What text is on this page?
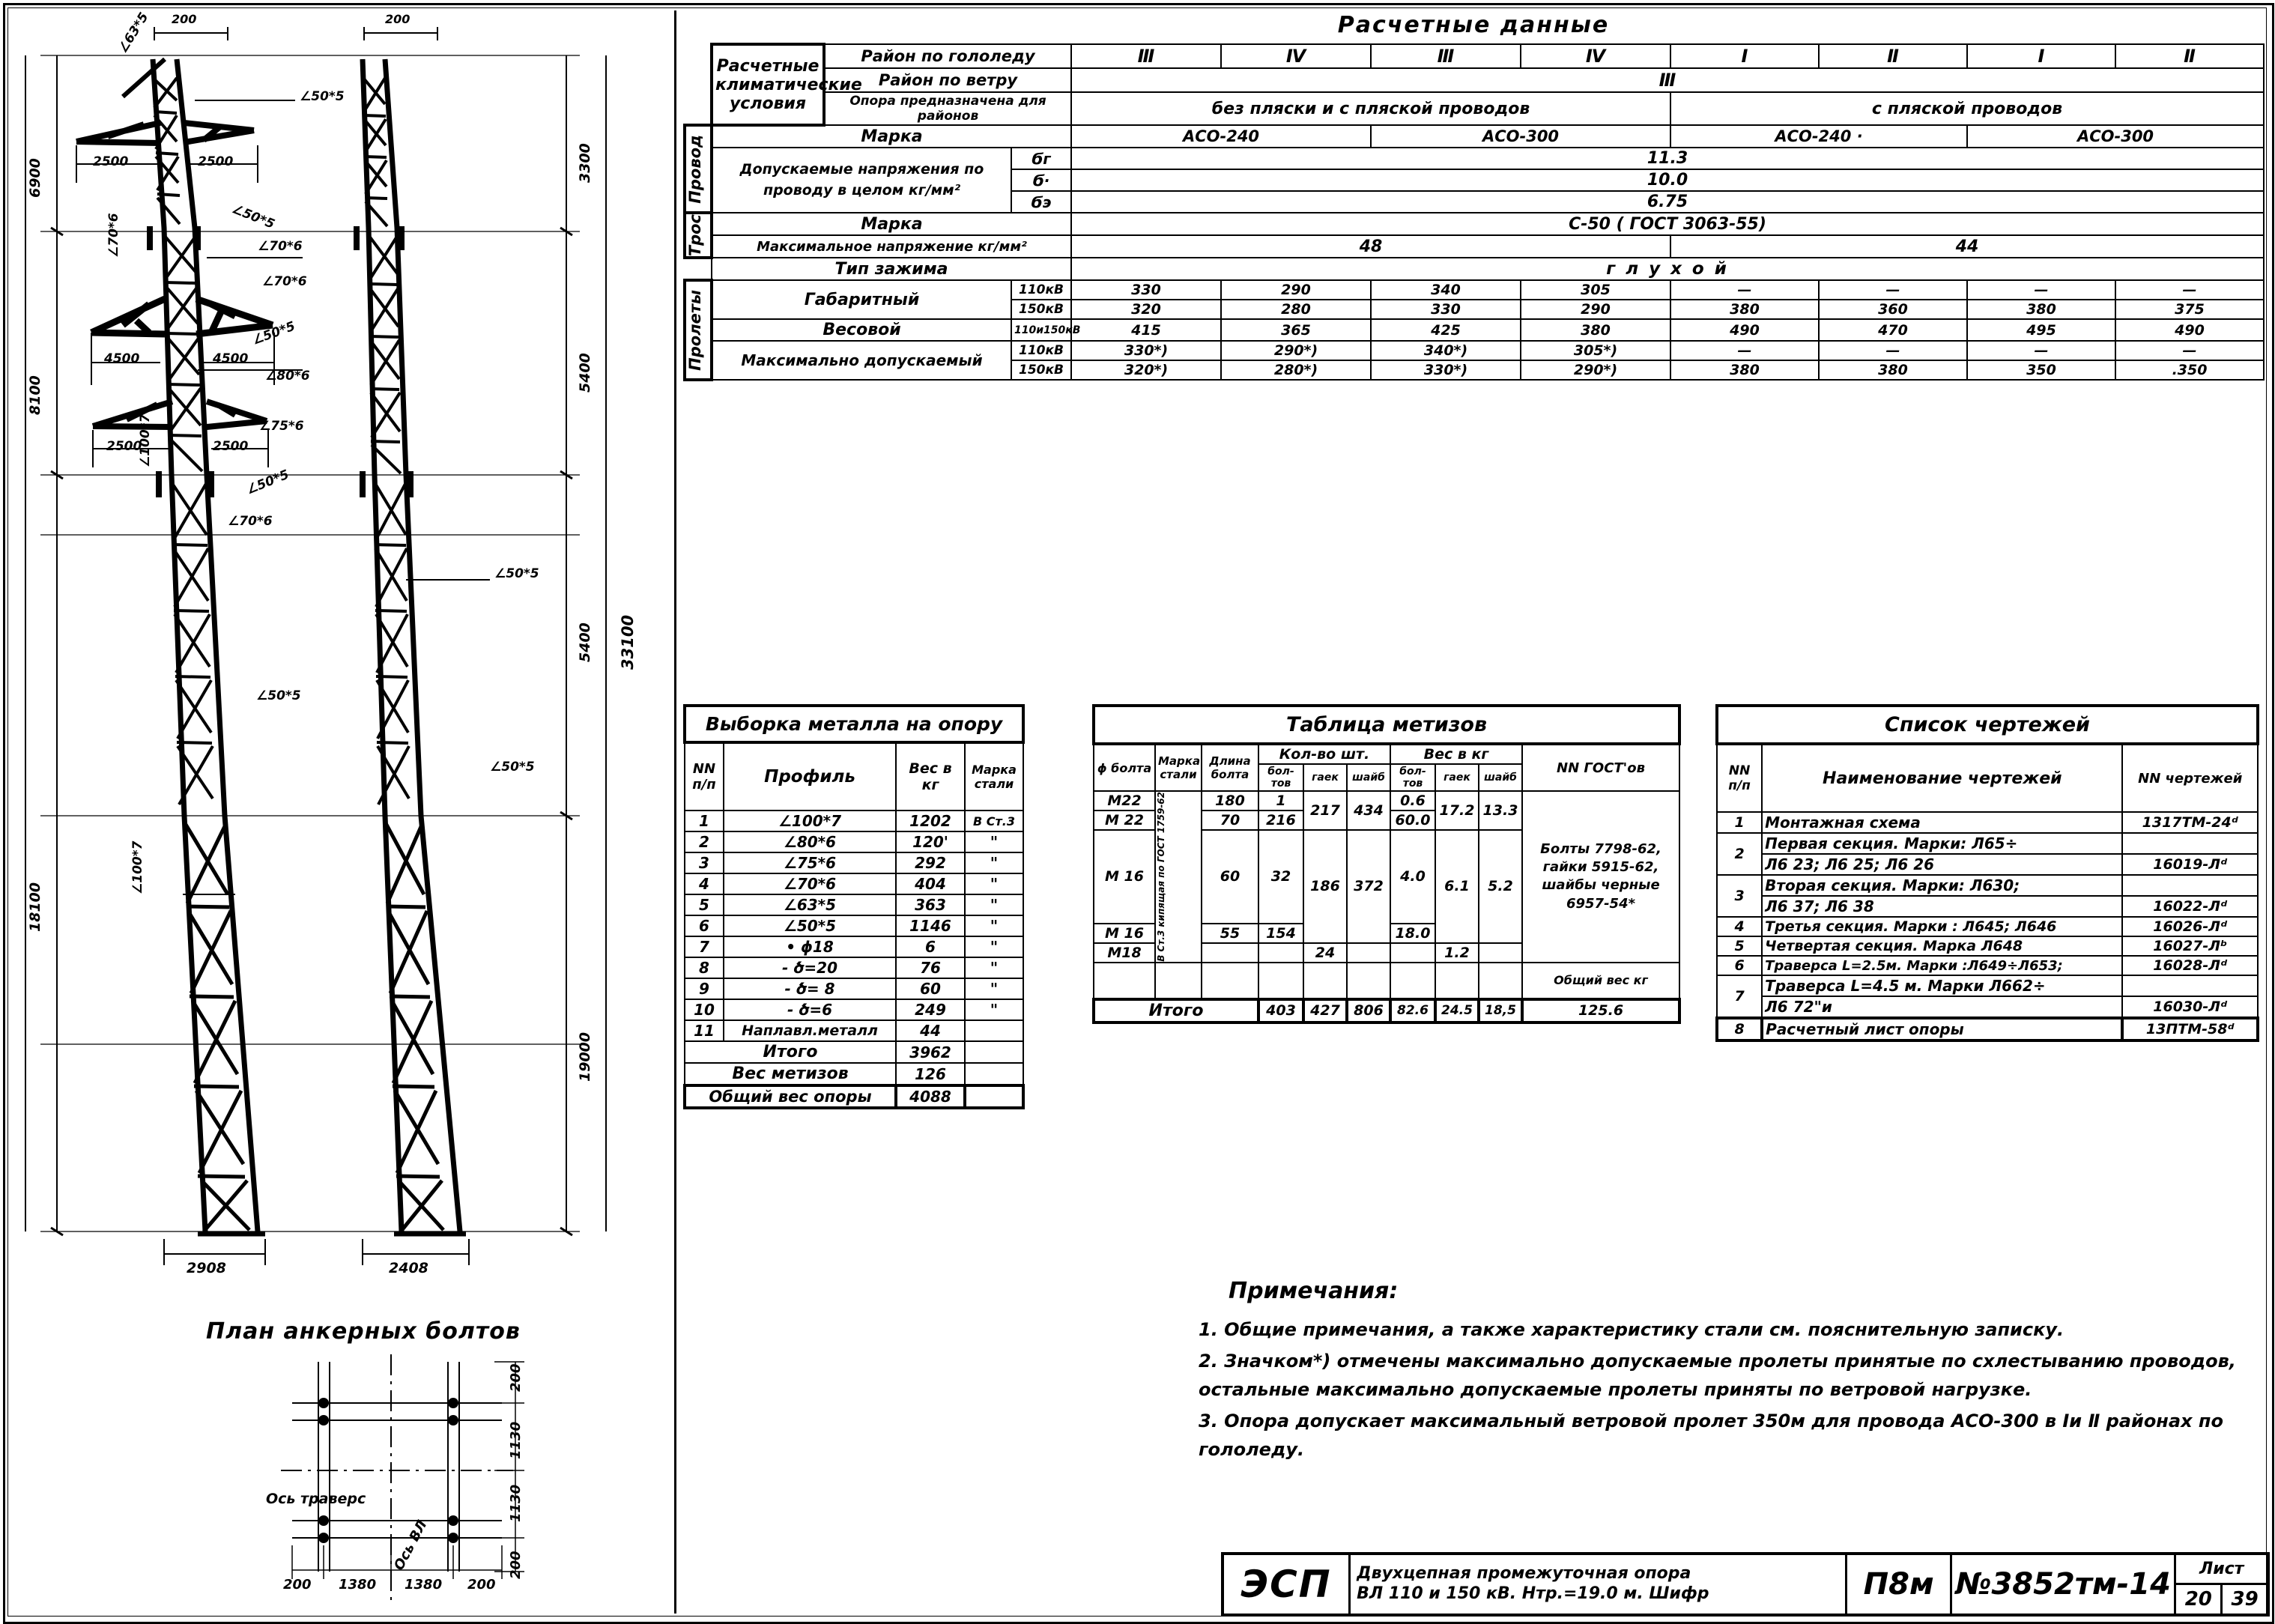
200	200
∠63*5
∠50*5
∠50*5
∠70*6
2500	2500
∠70*6
∠70*6
∠50*5
∠80*6
4500	4500
∠100*7	∠75*6
∠50*5
∠70*6
2500	2500
∠100*7
∠50*5
∠50*5
∠50*5
6900
8100
18100
3300
5400
5400
19000
33100
2908	2408
План анкерных болтов
Ось траверс
Ось ВЛ
200 1380 1380 200
200
1130
1130
200
Расчетные данные
	Расчетные климатические условия	Район по гололеду		Ⅲ	Ⅳ	Ⅲ	Ⅳ	Ⅰ	Ⅱ	Ⅰ	Ⅱ
		Район по ветру		Ⅲ							
		Опора предназначена для районов		без пляски и с пляской проводов				с пляской проводов			

Провод	Марка			АСО-240		АСО-300		АСО-240 ·		АСО-300	
	Допускаемые напряжения по проводу в целом кг/мм²		Ϭг	11.3							
			Ϭ·	10.0							
			Ϭэ	6.75							

Трос	Марка			С-50 ( ГОСТ 3063-55)							
	Максимальное напряжение кг/мм²			48				44			
	Тип зажима			г л у х о й							

Пролеты	Габаритный		110кВ	330	290	340	305	—	—	—	—
			150кВ	320	280	330	290	380	360	380	375
	Весовой		110и150кВ	415	365	425	380	490	470	495	490
	Максимально допускаемый		110кВ	330*)	290*)	340*)	305*)	—	—	—	—
			150кВ	320*)	280*)	330*)	290*)	380	380	350	.350
Выборка металла на опору			
NN п/п	Профиль	Вес в кг	Марка стали
1	∠100*7	1202	В Ст.3
2	∠80*6	120'	"
3	∠75*6	292	"
4	∠70*6	404	"
5	∠63*5	363	"
6	∠50*5	1146	"
7	• ɸ18	6	"
8	- ծ=20	76	"
9	- ծ= 8	60	"
10	- ծ=6	249	"
11	Наплавл.металл	44	
Итого		3962	
Вес метизов		126	
Общий вес опоры		4088	
Таблица метизов									
ɸ болта	Марка стали	Длина болта	Кол-во шт.			Вес в кг			NN ГОСТ'ов
			бол-тов	гаек	шайб	бол-тов	гаек	шайб	
М22	В Ст.3 кипящая по ГОСТ 1759-62	180	1	217	434	0.6	17.2	13.3	Болты 7798-62, гайки 5915-62, шайбы черные 6957-54*
М 22		70	216			60.0			
М 16		60	32	186	372	4.0	6.1	5.2	
М 16		55	154			18.0			
М18				24			1.2		
									Общий вес кг
Итого			403	427	806	82.6	24.5	18,5	125.6
Список чертежей		
NN п/п	Наименование чертежей	NN чертежей
1	Монтажная схема	1317ТМ-24ᵈ
2	Первая секция. Марки: Л65÷	
	Л6 23; Л6 25; Л6 26	16019-Лᵈ
3	Вторая секция. Марки: Л630;	
	Л6 37; Л6 38	16022-Лᵈ
4	Третья секция. Марки : Л645; Л646	16026-Лᵈ
5	Четвертая секция. Марка Л648	16027-Лᵇ
6	Траверса L=2.5м. Марки :Л649÷Л653;	16028-Лᵈ
7	Траверса L=4.5 м. Марки Л662÷	
	Л6 72"и	16030-Лᵈ
8	Расчетный лист опоры	13ПТМ-58ᵈ
Примечания:
1. Общие примечания, а также характеристику стали см. пояснительную записку.
2. Значком*) отмечены максимально допускаемые пролеты принятые по схлестыванию проводов, остальные максимально допускаемые пролеты приняты по ветровой нагрузке.
3. Опора допускает максимальный ветровой пролет 350м для провода АСО-300 в Ⅰи Ⅱ районах по гололеду.
ЭСП	Двухцепная промежуточная опора
ВЛ 110 и 150 кВ. Нтр.=19.0 м. Шифр	П8м №3852тм-14	Лист
20 39
